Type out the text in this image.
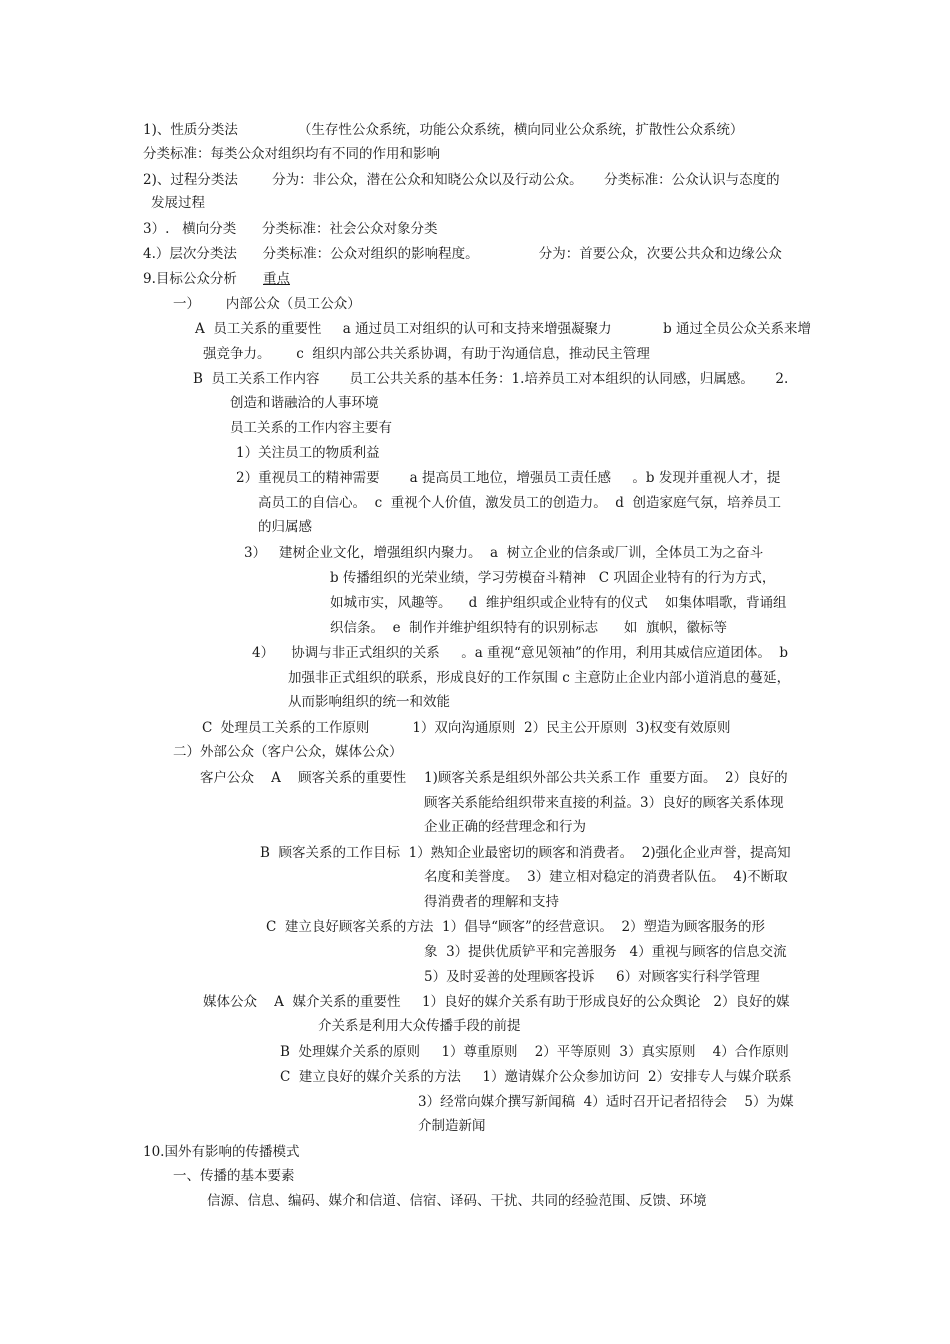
1)、性质分类法              （生存性公众系统，功能公众系统，横向同业公众系统，扩散性公众系统）
分类标准：每类公众对组织均有不同的作用和影响
2)、过程分类法        分为：非公众，潜在公众和知晓公众以及行动公众。     分类标准：公众认识与态度的
发展过程
3）.   横向分类      分类标准：社会公众对象分类
4.）层次分类法      分类标准：公众对组织的影响程度。              分为：首要公众，次要公共众和边缘公众
9.目标公众分析 重点
一）      内部公众（员工公众）
A  员工关系的重要性     a 通过员工对组织的认可和支持来增强凝聚力            b 通过全员公众关系来增
强竞争力。      c  组织内部公共关系协调，有助于沟通信息，推动民主管理
B  员工关系工作内容       员工公共关系的基本任务：1.培养员工对本组织的认同感，归属感。     2.
创造和谐融洽的人事环境
员工关系的工作内容主要有
1）关注员工的物质利益
2）重视员工的精神需要       a 提高员工地位，增强员工责任感     。b 发现并重视人才，提
高员工的自信心。  c  重视个人价值，激发员工的创造力。  d  创造家庭气氛，培养员工
的归属感
3）   建树企业文化，增强组织内聚力。  a  树立企业的信条或厂训，全体员工为之奋斗
b 传播组织的光荣业绩，学习劳模奋斗精神   C 巩固企业特有的行为方式，
如城市实，风趣等。    d  维护组织或企业特有的仪式    如集体唱歌，背诵组
织信条。  e  制作并维护组织特有的识别标志      如  旗帜，徽标等
4）    协调与非正式组织的关系     。a 重视“意见领袖”的作用，利用其威信应道团体。  b
加强非正式组织的联系，形成良好的工作氛围 c 主意防止企业内部小道消息的蔓延，
从而影响组织的统一和效能
C  处理员工关系的工作原则          1）双向沟通原则  2）民主公开原则  3)权变有效原则
二）外部公众（客户公众，媒体公众）
客户公众    A    顾客关系的重要性 1)顾客关系是组织外部公共关系工作  重要方面。  2）良好的
顾客关系能给组织带来直接的利益。3）良好的顾客关系体现
企业正确的经营理念和行为
B  顾客关系的工作目标  1）熟知企业最密切的顾客和消费者。  2)强化企业声誉，提高知
名度和美誉度。  3）建立相对稳定的消费者队伍。  4)不断取
得消费者的理解和支持
C  建立良好顾客关系的方法  1）倡导“顾客”的经营意识。  2）塑造为顾客服务的形
象  3）提供优质铲平和完善服务   4）重视与顾客的信息交流
5）及时妥善的处理顾客投诉     6）对顾客实行科学管理
媒体公众    A  媒介关系的重要性     1）良好的媒介关系有助于形成良好的公众舆论   2）良好的媒
介关系是利用大众传播手段的前提
B  处理媒介关系的原则     1）尊重原则    2）平等原则  3）真实原则    4）合作原则
C  建立良好的媒介关系的方法     1）邀请媒介公众参加访问  2）安排专人与媒介联系
3）经常向媒介撰写新闻稿  4）适时召开记者招待会    5）为媒
介制造新闻
10.国外有影响的传播模式
一、传播的基本要素
信源、信息、编码、媒介和信道、信宿、译码、干扰、共同的经验范围、反馈、环境
